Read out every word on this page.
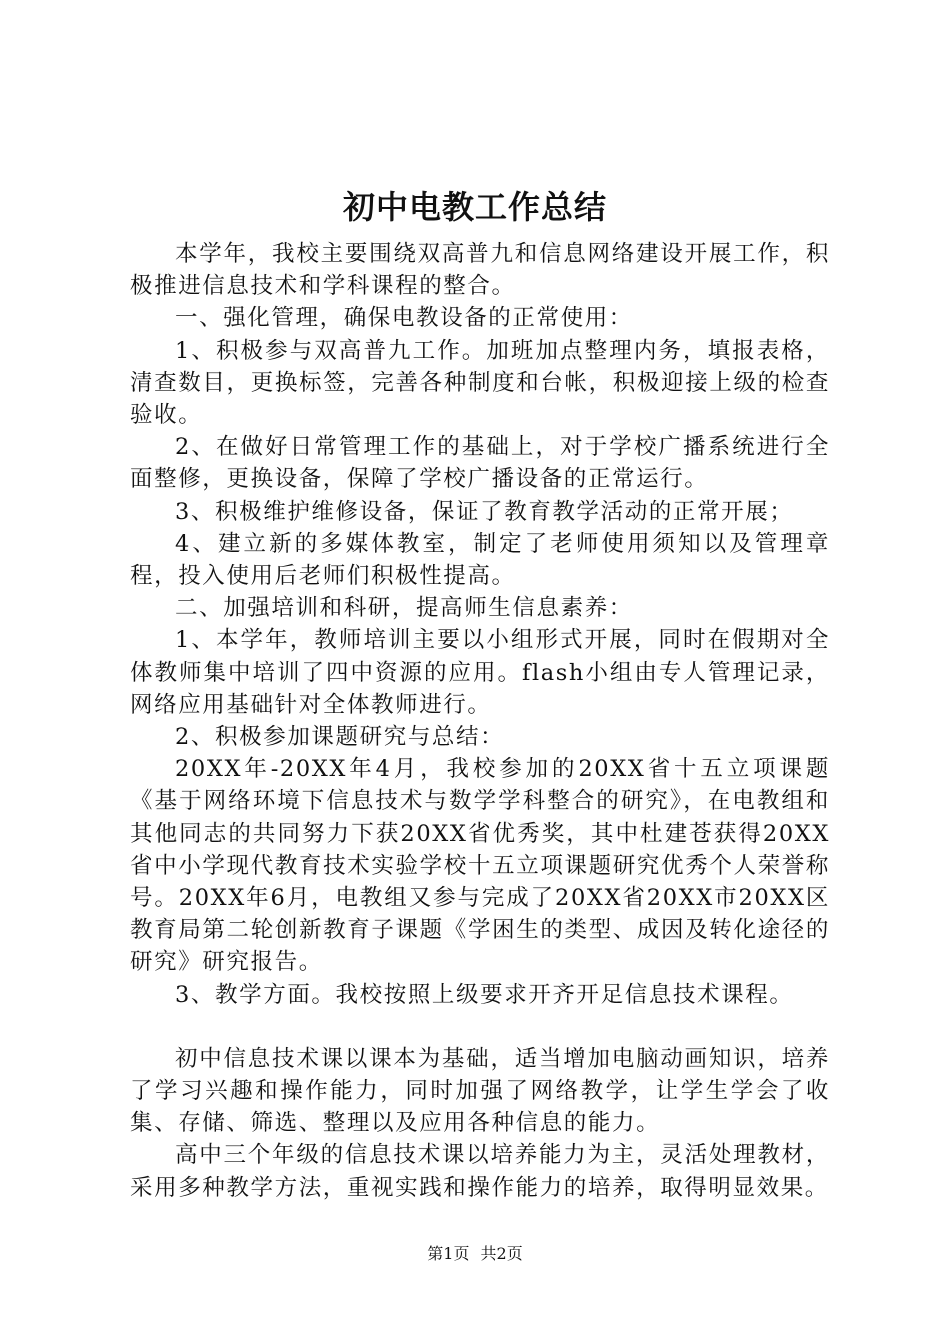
初中电教工作总结

本学年，我校主要围绕双高普九和信息网络建设开展工作，积极推进信息技术和学科课程的整合。

一、强化管理，确保电教设备的正常使用：

1、积极参与双高普九工作。加班加点整理内务，填报表格，清查数目，更换标签，完善各种制度和台帐，积极迎接上级的检查验收。

2、在做好日常管理工作的基础上，对于学校广播系统进行全面整修，更换设备，保障了学校广播设备的正常运行。

3、积极维护维修设备，保证了教育教学活动的正常开展；

4、建立新的多媒体教室，制定了老师使用须知以及管理章程，投入使用后老师们积极性提高。

二、加强培训和科研，提高师生信息素养：

1、本学年，教师培训主要以小组形式开展，同时在假期对全体教师集中培训了四中资源的应用。flash小组由专人管理记录，网络应用基础针对全体教师进行。

2、积极参加课题研究与总结：

20XX年-20XX年4月，我校参加的20XX省十五立项课题《基于网络环境下信息技术与数学学科整合的研究》，在电教组和其他同志的共同努力下获20XX省优秀奖，其中杜建苍获得20XX省中小学现代教育技术实验学校十五立项课题研究优秀个人荣誉称号。20XX年6月，电教组又参与完成了20XX省20XX市20XX区教育局第二轮创新教育子课题《学困生的类型、成因及转化途径的研究》研究报告。

3、教学方面。我校按照上级要求开齐开足信息技术课程。

初中信息技术课以课本为基础，适当增加电脑动画知识，培养了学习兴趣和操作能力，同时加强了网络教学，让学生学会了收集、存储、筛选、整理以及应用各种信息的能力。

高中三个年级的信息技术课以培养能力为主，灵活处理教材，采用多种教学方法，重视实践和操作能力的培养，取得明显效果。

第1页 共2页
